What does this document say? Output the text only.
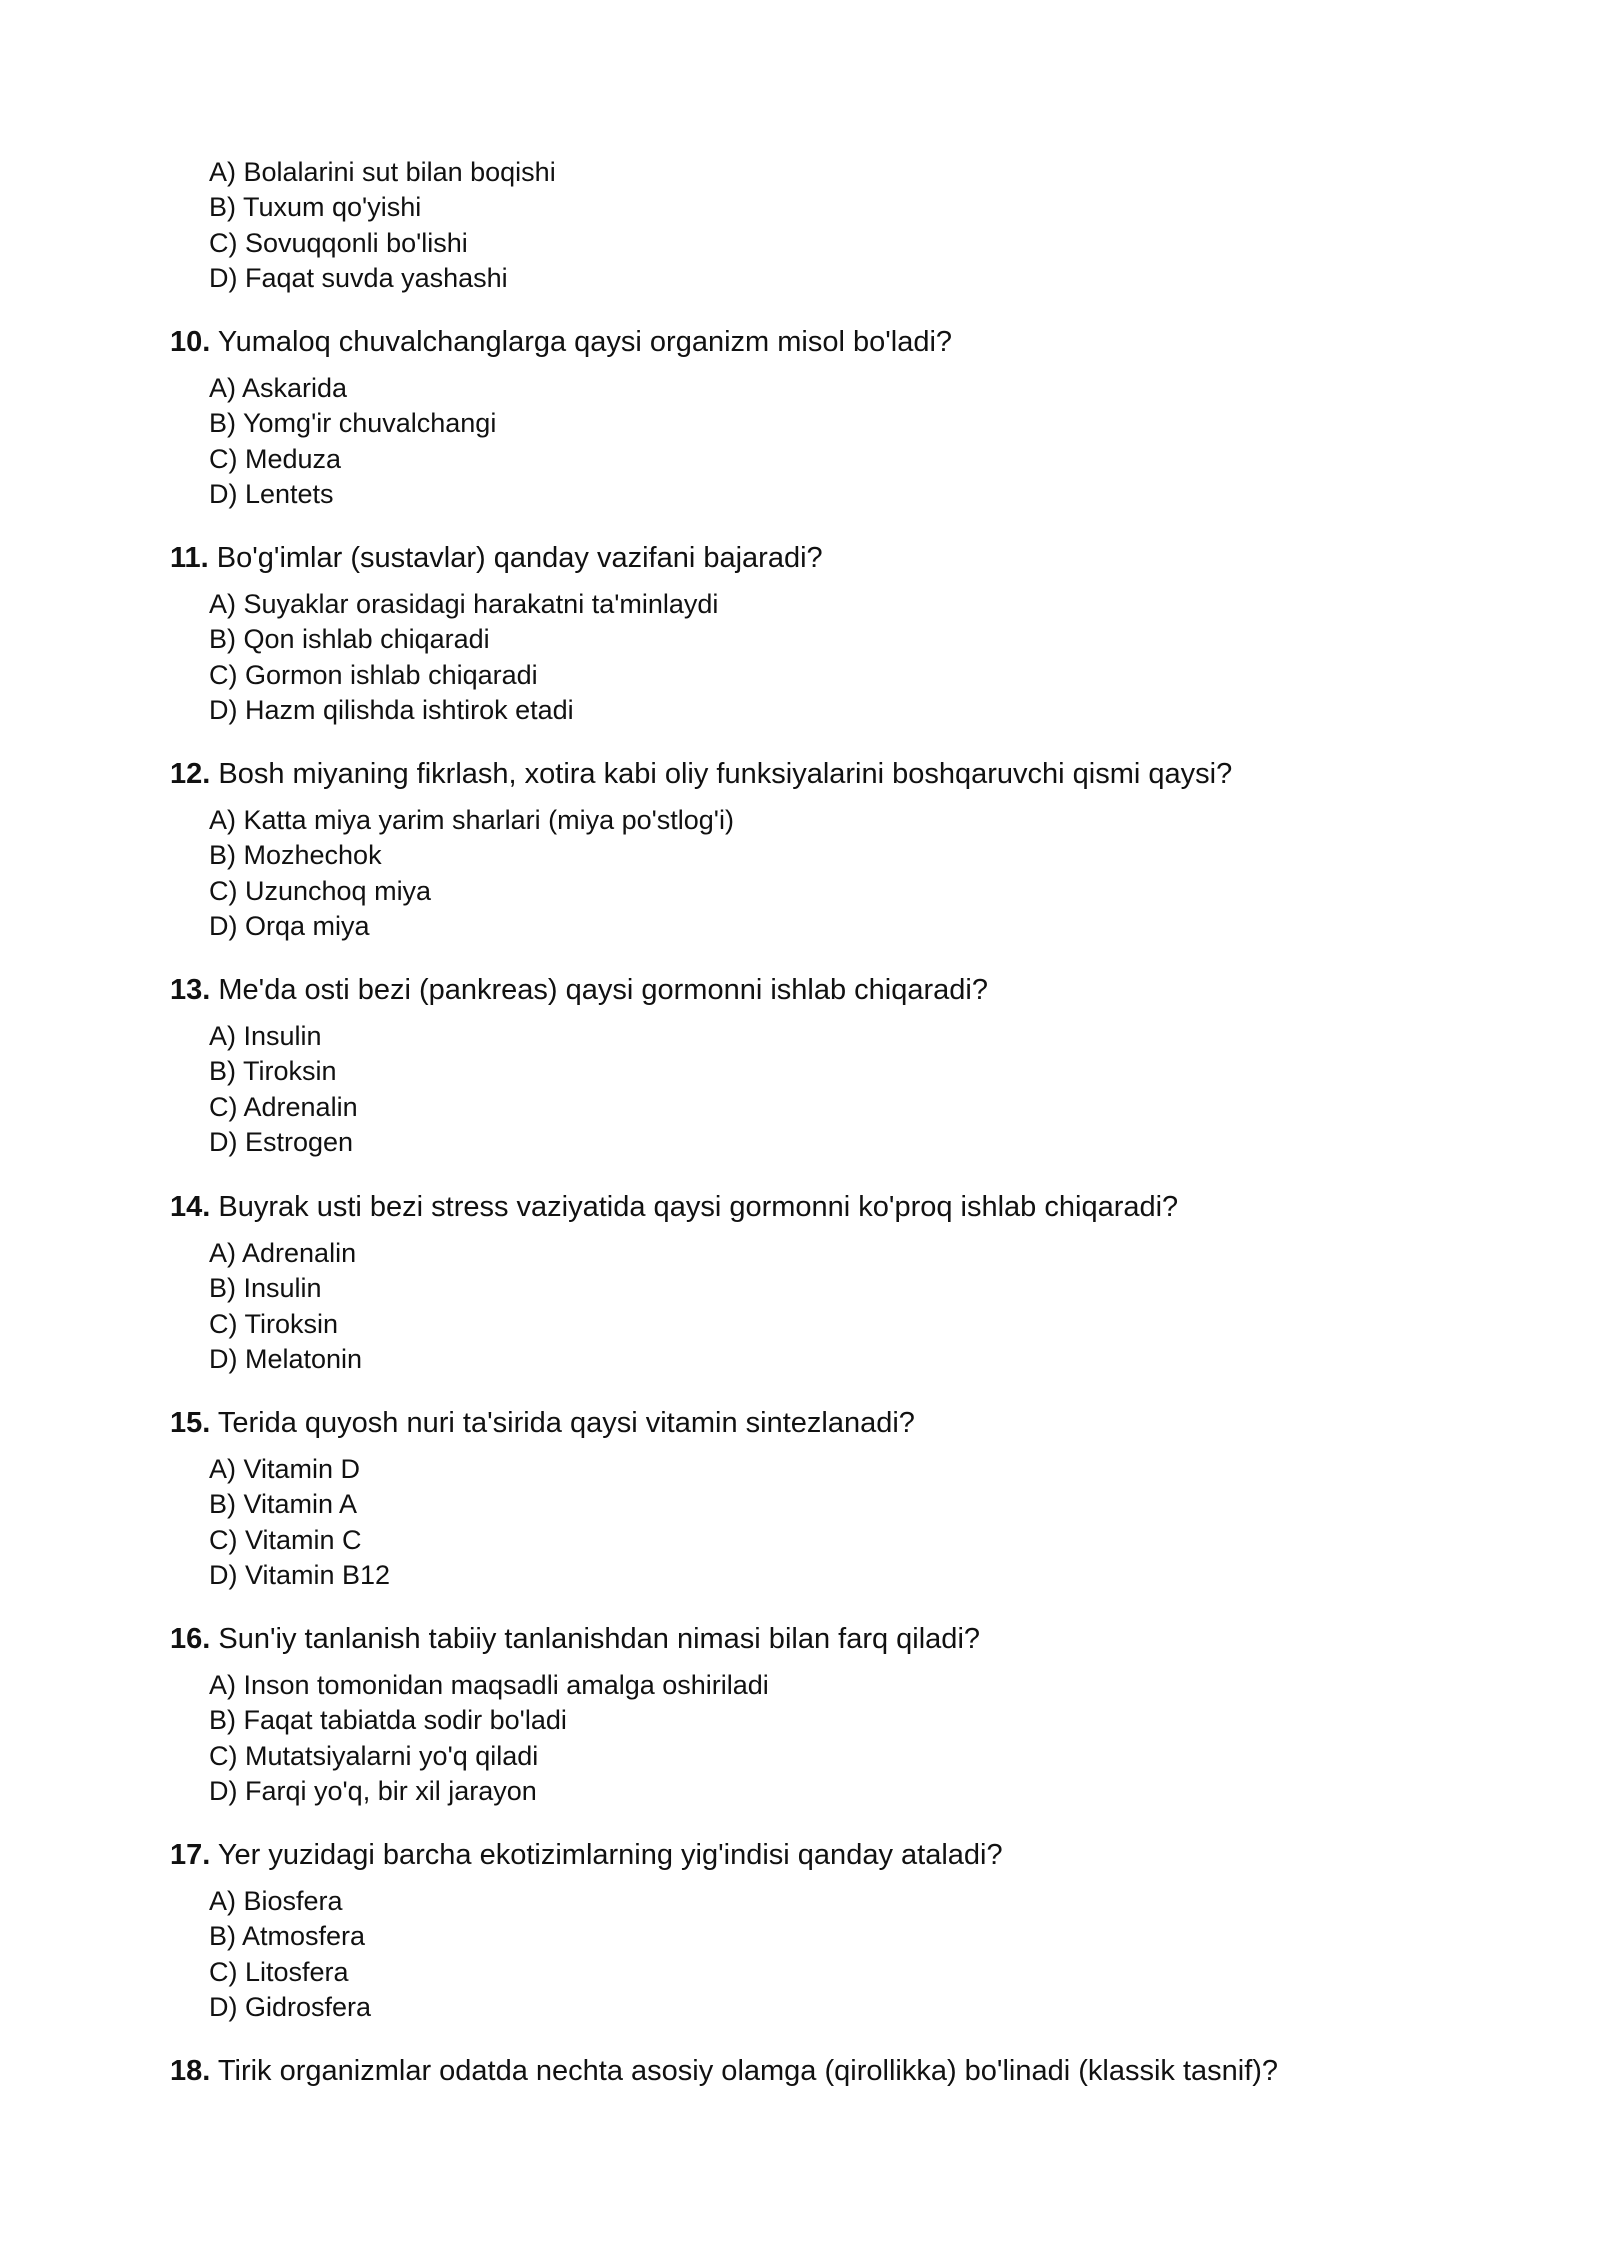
A) Bolalarini sut bilan boqishi
B) Tuxum qo'yishi
C) Sovuqqonli bo'lishi
D) Faqat suvda yashashi

10. Yumaloq chuvalchanglarga qaysi organizm misol bo'ladi?

A) Askarida
B) Yomg'ir chuvalchangi
C) Meduza
D) Lentets

11. Bo'g'imlar (sustavlar) qanday vazifani bajaradi?

A) Suyaklar orasidagi harakatni ta'minlaydi
B) Qon ishlab chiqaradi
C) Gormon ishlab chiqaradi
D) Hazm qilishda ishtirok etadi

12. Bosh miyaning fikrlash, xotira kabi oliy funksiyalarini boshqaruvchi qismi qaysi?

A) Katta miya yarim sharlari (miya po'stlog'i)
B) Mozhechok
C) Uzunchoq miya
D) Orqa miya

13. Me'da osti bezi (pankreas) qaysi gormonni ishlab chiqaradi?

A) Insulin
B) Tiroksin
C) Adrenalin
D) Estrogen

14. Buyrak usti bezi stress vaziyatida qaysi gormonni ko'proq ishlab chiqaradi?

A) Adrenalin
B) Insulin
C) Tiroksin
D) Melatonin

15. Terida quyosh nuri ta'sirida qaysi vitamin sintezlanadi?

A) Vitamin D
B) Vitamin A
C) Vitamin C
D) Vitamin B12

16. Sun'iy tanlanish tabiiy tanlanishdan nimasi bilan farq qiladi?

A) Inson tomonidan maqsadli amalga oshiriladi
B) Faqat tabiatda sodir bo'ladi
C) Mutatsiyalarni yo'q qiladi
D) Farqi yo'q, bir xil jarayon

17. Yer yuzidagi barcha ekotizimlarning yig'indisi qanday ataladi?

A) Biosfera
B) Atmosfera
C) Litosfera
D) Gidrosfera

18. Tirik organizmlar odatda nechta asosiy olamga (qirollikka) bo'linadi (klassik tasnif)?
